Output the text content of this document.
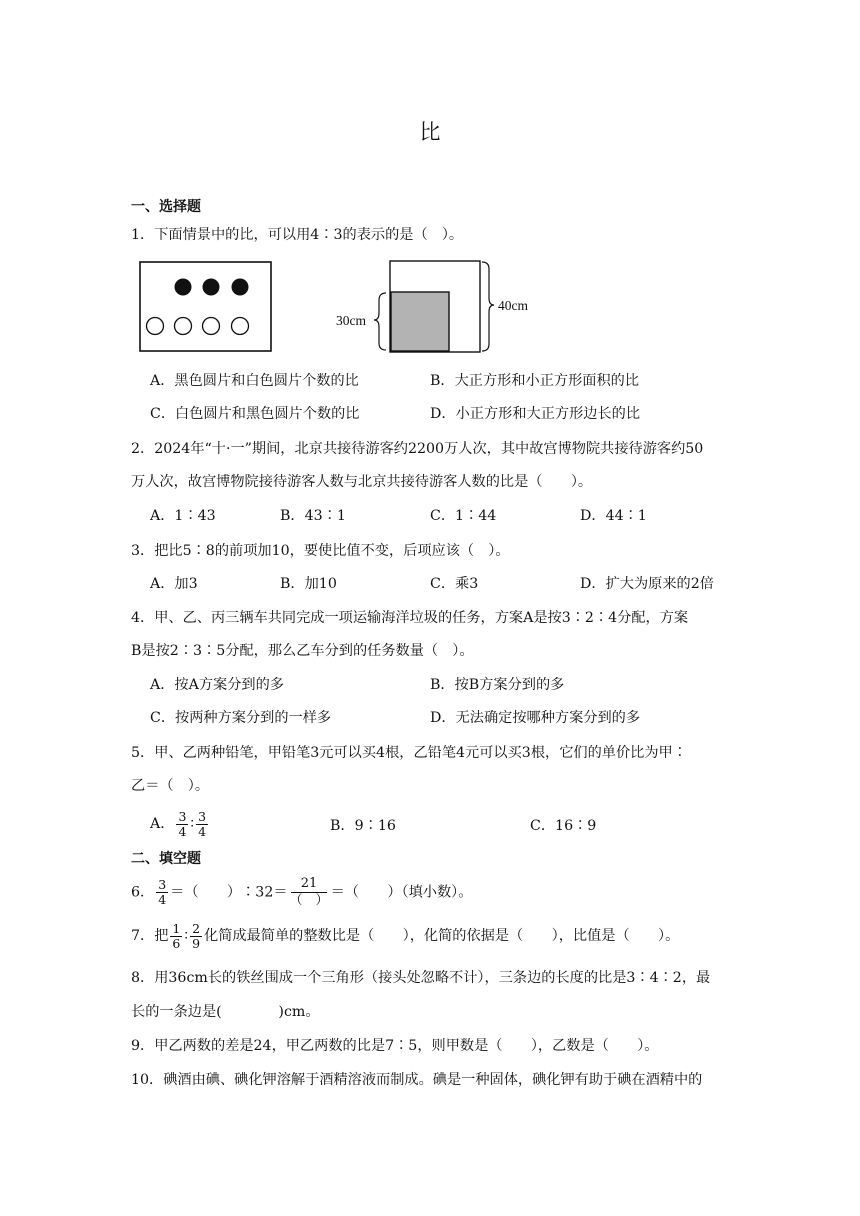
比
一、选择题
1．下面情景中的比，可以用4∶3的表示的是（　）。
30cm
40cm
A．黑色圆片和白色圆片个数的比	B．大正方形和小正方形面积的比
C．白色圆片和黑色圆片个数的比	D．小正方形和大正方形边长的比
2．2024年“十·一”期间，北京共接待游客约2200万人次，其中故宫博物院共接待游客约50
万人次，故宫博物院接待游客人数与北京共接待游客人数的比是（　　）。
A．1∶43	B．43∶1	C．1∶44	D．44∶1
3．把比5∶8的前项加10，要使比值不变，后项应该（　）。
A．加3	B．加10	C．乘3	D．扩大为原来的2倍
4．甲、乙、丙三辆车共同完成一项运输海洋垃圾的任务，方案A是按3∶2∶4分配，方案
B是按2∶3∶5分配，那么乙车分到的任务数量（　）。
A．按A方案分到的多	B．按B方案分到的多
C．按两种方案分到的一样多	D．无法确定按哪种方案分到的多
5．甲、乙两种铅笔，甲铅笔3元可以买4根，乙铅笔4元可以买3根，它们的单价比为甲∶
乙＝（　）。
A． $\frac{3}{4}$ ∶ $\frac{3}{4}$	B．9∶16	C．16∶9
二、填空题
6． $\frac{3}{4}$ ＝（　　）∶32＝ $\frac{21}{( )}$ ＝（　　）（填小数）。
7．把 $\frac{1}{6}$ ∶ $\frac{2}{9}$ 化简成最简单的整数比是（　　），化简的依据是（　　），比值是（　　）。
8．用36cm长的铁丝围成一个三角形（接头处忽略不计），三条边的长度的比是3∶4∶2，最
长的一条边是(　　　　)cm。
9．甲乙两数的差是24，甲乙两数的比是7∶5，则甲数是（　　），乙数是（　　）。
10．碘酒由碘、碘化钾溶解于酒精溶液而制成。碘是一种固体，碘化钾有助于碘在酒精中的
